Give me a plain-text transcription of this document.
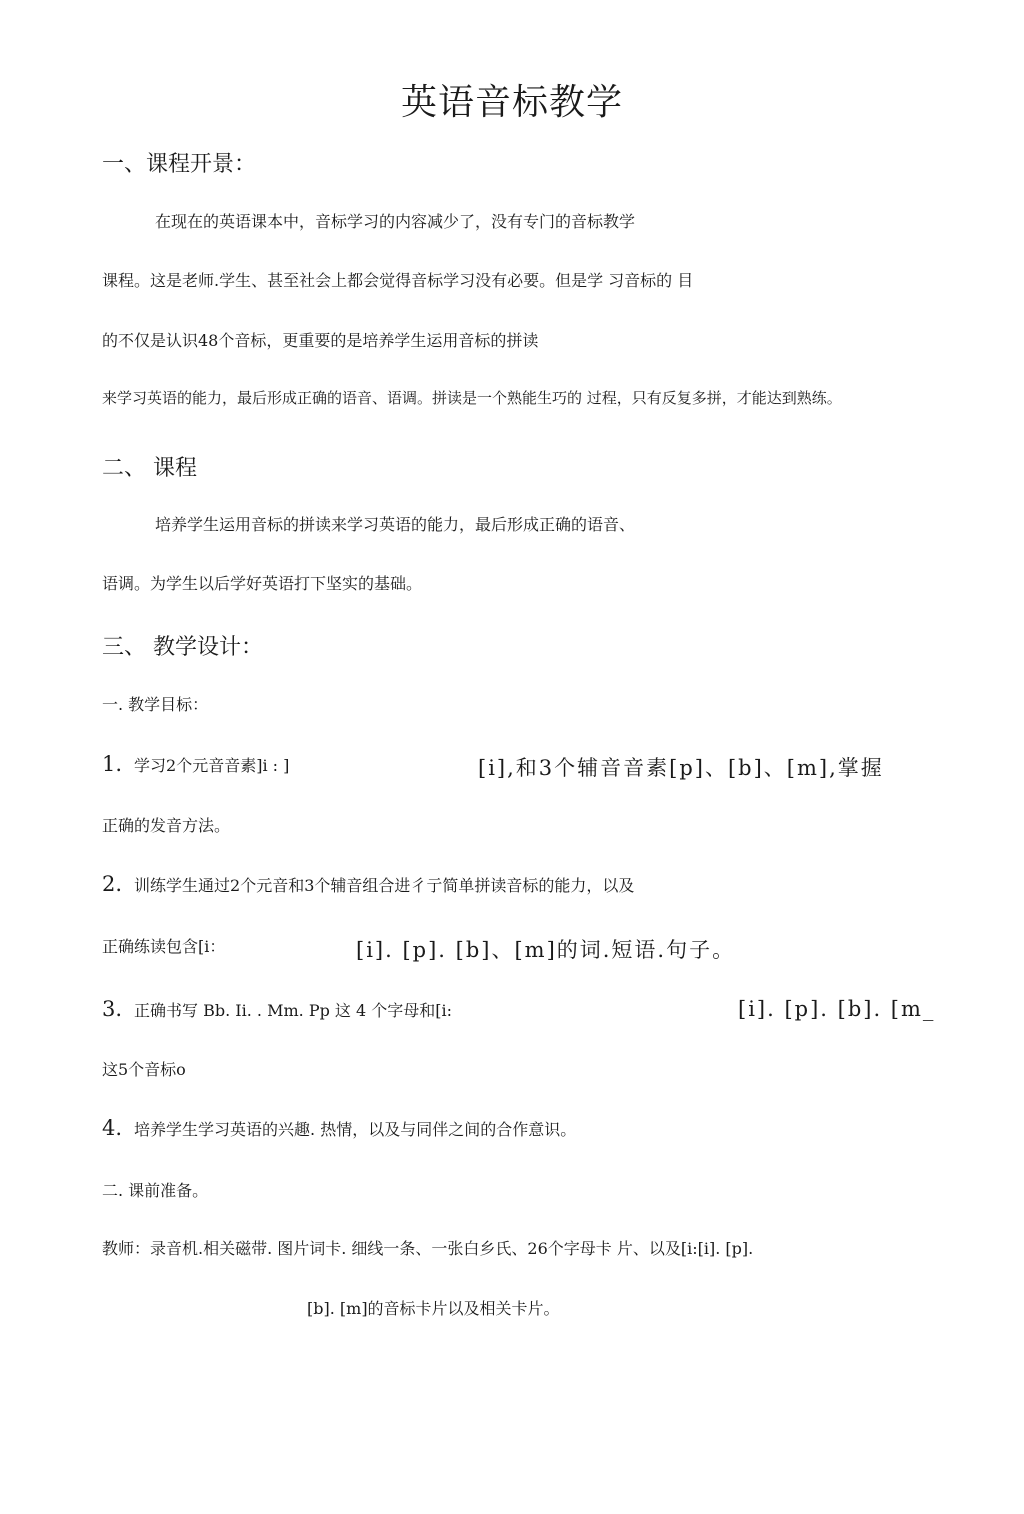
英语音标教学
一、课程开景：
在现在的英语课本中，音标学习的内容减少了，没有专门的音标教学
课程。这是老师.学生、甚至社会上都会觉得音标学习没有必要。但是学 习音标的 目
的不仅是认识48个音标，更重要的是培养学生运用音标的拼读
来学习英语的能力，最后形成正确的语音、语调。拼读是一个熟能生巧的 过程，只有反复多拼，才能达到熟练。
二、 课程
培养学生运用音标的拼读来学习英语的能力，最后形成正确的语音、
语调。为学生以后学好英语打下坚实的基础。
三、 教学设计：
一. 教学目标：
1. 学习2个元音音素]i : ]	[i],和3个辅音音素[p]、[b]、[m],掌握
正确的发音方法。
2. 训练学生通过2个元音和3个辅音组合进彳亍简单拼读音标的能力，以及
正确练读包含[i：	[i]. [p]. [b]、[m]的词.短语.句子。
3. 正确书写 Bb. Ii. . Mm. Pp 这 4 个字母和[i:	[i]. [p]. [b]. [m_
这5个音标o
4. 培养学生学习英语的兴趣. 热情，以及与同伴之间的合作意识。
二. 课前准备。
教师：录音机.相关磁带. 图片词卡. 细线一条、一张白乡氏、26个字母卡 片、以及[i:[i]. [p].
[b]. [m]的音标卡片以及相关卡片。
